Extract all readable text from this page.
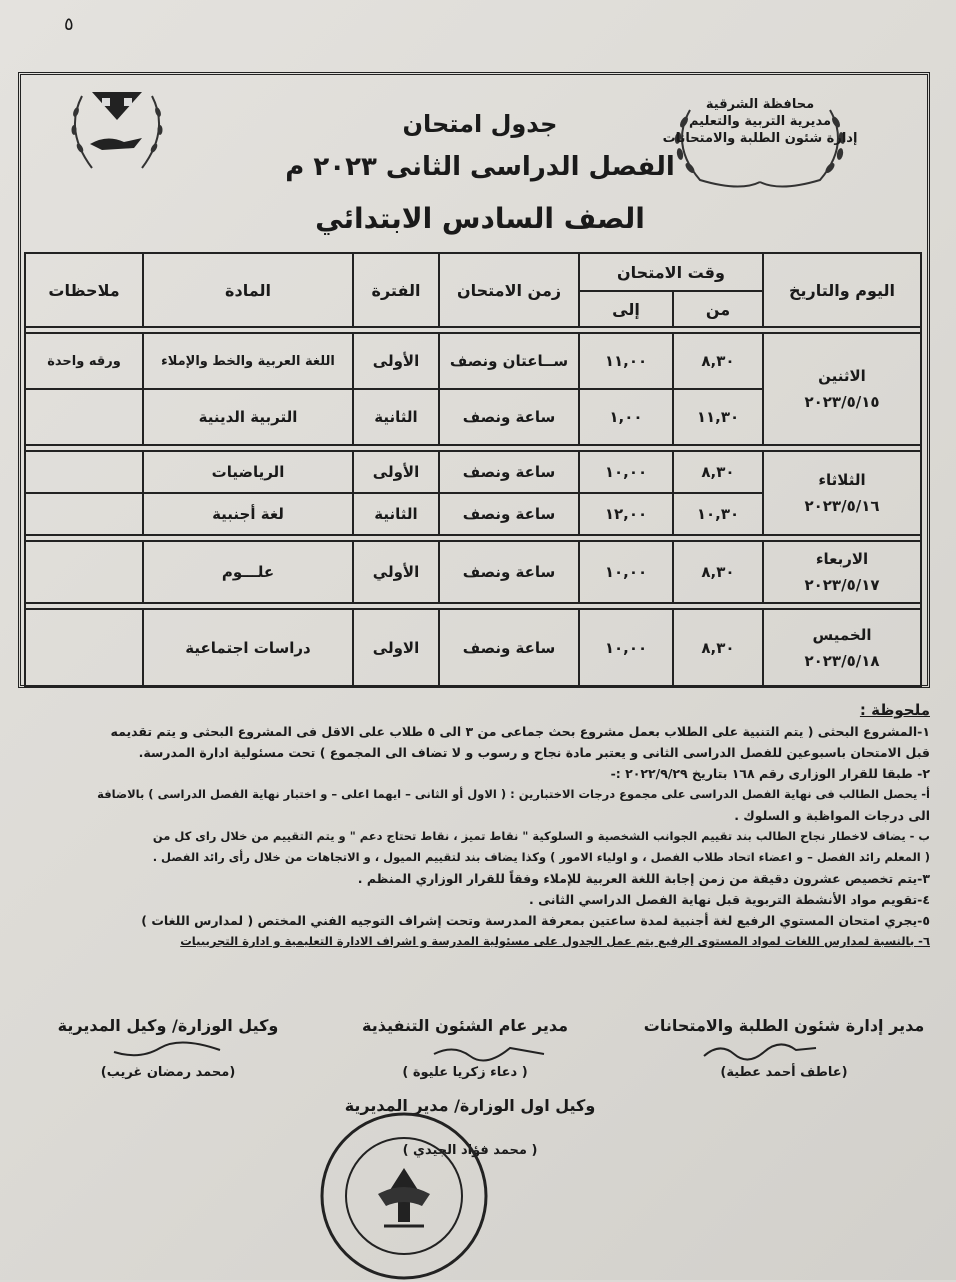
٥
محافظة الشرقية
مديرية التربية والتعليم
إدارة شئون الطلبة والامتحانات
جدول امتحان
الفصل الدراسى الثانى ٢٠٢٣ م
الصف السادس الابتدائي
اليوم والتاريخ	وقت الامتحان		زمن الامتحان	الفترة	المادة	ملاحظات
	من	إلى				

الاثنين
٢٠٢٣/٥/١٥	٨,٣٠	١١,٠٠	ســاعتان ونصف	الأولى	اللغة العربية والخط والإملاء	ورقه واحدة
	١١,٣٠	١,٠٠	ساعة ونصف	الثانية	التربية الدينية	

الثلاثاء
٢٠٢٣/٥/١٦	٨,٣٠	١٠,٠٠	ساعة ونصف	الأولى	الرياضيات	
	١٠,٣٠	١٢,٠٠	ساعة ونصف	الثانية	لغة أجنبية	

الاربعاء
٢٠٢٣/٥/١٧	٨,٣٠	١٠,٠٠	ساعة ونصف	الأولي	علـــوم	

الخميس
٢٠٢٣/٥/١٨	٨,٣٠	١٠,٠٠	ساعة ونصف	الاولى	دراسات اجتماعية	
ملحوظة :

١-المشروع البحثى ( يتم التنبية على الطلاب بعمل مشروع بحث جماعى من ٣ الى ٥ طلاب على الاقل فى المشروع البحثى و يتم تقديمه

قبل الامتحان باسبوعين للفصل الدراسى الثانى و يعتبر مادة نجاح و رسوب و لا تضاف الى المجموع ) تحت مسئولية ادارة المدرسة.

٢- طبقا للقرار الوزارى رقم ١٦٨ بتاريخ ٢٠٢٢/٩/٢٩ :-

أ- يحصل الطالب فى نهاية الفصل الدراسى على مجموع درجات الاختبارين : ( الاول أو الثانى – ايهما اعلى – و اختبار نهاية الفصل الدراسى ) بالاضافة

الى درجات المواظبة و السلوك .

ب - يضاف لاخطار نجاح الطالب بند تقييم الجوانب الشخصية و السلوكية " نقاط تميز ، نقاط تحتاج دعم " و يتم التقييم من خلال راى كل من

( المعلم رائد الفصل – و اعضاء اتحاد طلاب الفصل ، و اولياء الامور ) وكذا يضاف بند لتقييم الميول ، و الاتجاهات من خلال رأى رائد الفصل .

٣-يتم تخصيص عشرون دقيقة من زمن إجابة اللغة العربية للإملاء وفقاً للقرار الوزاري المنظم .

٤-تقويم مواد الأنشطة التربوية قبل نهاية الفصل الدراسي الثانى .

٥-يجري امتحان المستوي الرفيع لغة أجنبية لمدة ساعتين بمعرفة المدرسة وتحت إشراف التوجيه الفني المختص ( لمدارس اللغات )

٦- بالنسبة لمدارس اللغات لمواد المستوى الرفيع يتم عمل الجدول على مسئولية المدرسة و اشراف الادارة التعليمية و ادارة التجريبيات

مدير إدارة شئون الطلبة والامتحانات
(عاطف أحمد عطية)
مدير عام الشئون التنفيذية
( دعاء زكريا عليوة )
وكيل الوزارة/ وكيل المديرية
(محمد رمضان غريب)
وكيل اول الوزارة/ مدير المديرية
( محمد فؤاد الجيدي )
